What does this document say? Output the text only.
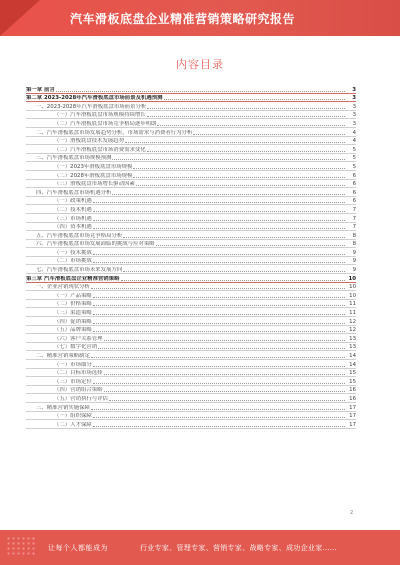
汽车滑板底盘企业精准营销策略研究报告
内容目录
第一章 前言	3
第二章 2023-2028年汽车滑板底盘市场前景及机遇预测	3
一、2023-2028年汽车滑板底盘市场前景分析	3
（一）汽车滑板底盘市场规模持续增长	3
（二）汽车滑板底盘市场竞争格局逐步明朗	3
二、汽车滑板底盘市场发展趋势分析，市场需求与消费者行为分析	4
（一）滑板底盘技术发展趋势	4
（二）汽车滑板底盘市场消费需求变化	5
三、汽车滑板底盘市场规模预测	5
（一）2023年滑板底盘市场规模	5
（二）2028年滑板底盘市场规模	6
（三）滑板底盘市场增长驱动因素	6
四、汽车滑板底盘市场机遇分析	6
（一）政策机遇	6
（二）技术机遇	7
（三）市场机遇	7
（四）资本机遇	7
五、汽车滑板底盘市场竞争格局分析	8
六、汽车滑板底盘市场发展面临的挑战与应对策略	8
（一）技术挑战	9
（二）市场挑战	9
七、汽车滑板底盘市场未来发展方向	9
第三章 汽车滑板底盘企业精准营销策略	10
一、企业营销现状分析	10
（一）产品策略	10
（二）价格策略	11
（三）渠道策略	11
（四）促销策略	12
（五）品牌策略	12
（六）客户关系管理	13
（七）数字化营销	13
二、精准营销策略制定	14
（一）市场细分	14
（二）目标市场选择	15
（三）市场定位	15
（四）营销组合策略	16
（五）营销执行与评估	16
三、精准营销实施保障	17
（一）组织保障	17
（二）人才保障	17
2
让每个人都能成为	行业专家、管理专家、营销专家、战略专家、成功企业家……
